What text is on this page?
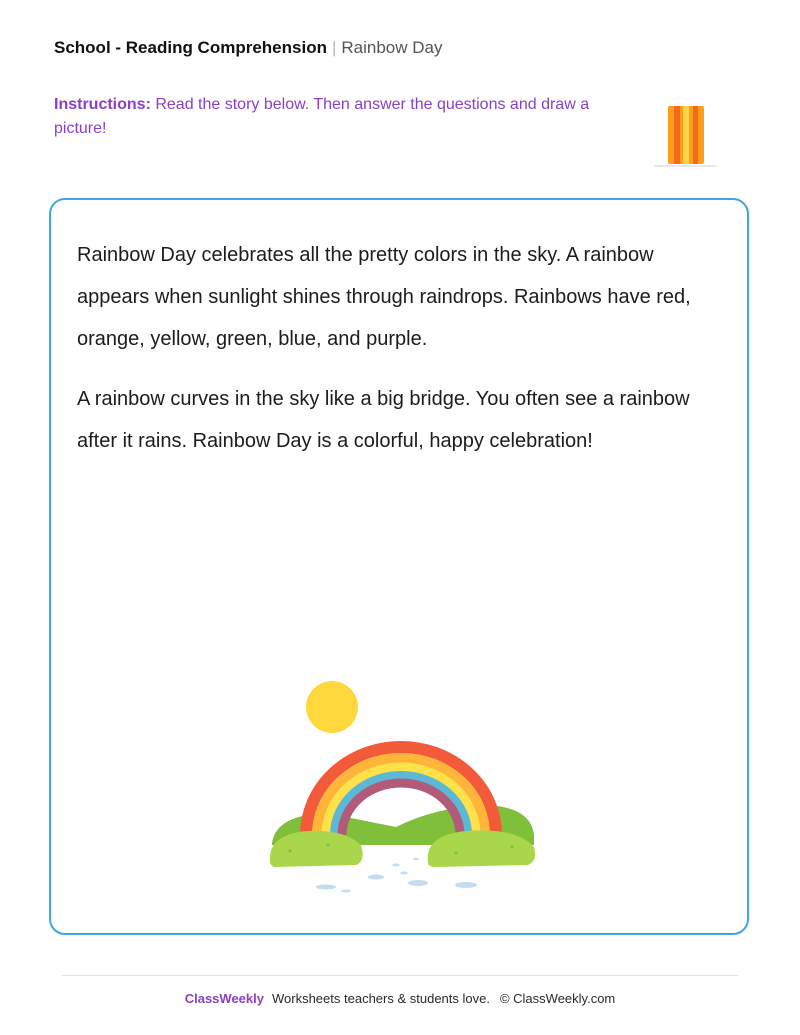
School - Reading Comprehension | Rainbow Day
Instructions: Read the story below. Then answer the questions and draw a picture!

Rainbow Day celebrates all the pretty colors in the sky. A rainbow appears when sunlight shines through raindrops. Rainbows have red, orange, yellow, green, blue, and purple.

A rainbow curves in the sky like a big bridge. You often see a rainbow after it rains. Rainbow Day is a colorful, happy celebration!

ClassWeekly Worksheets teachers & students love. © ClassWeekly.com
